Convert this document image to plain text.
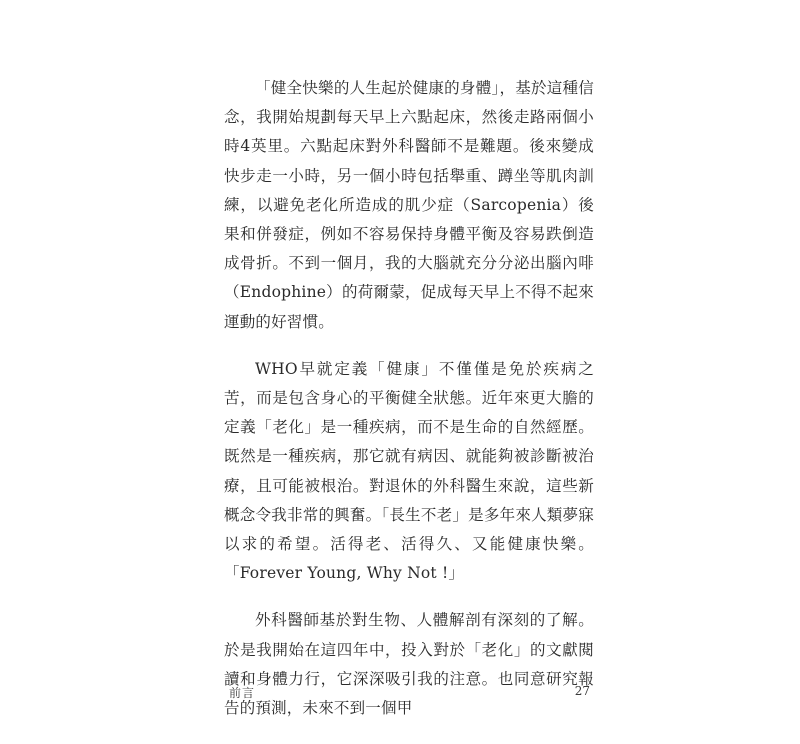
「健全快樂的人生起於健康的身體」，基於這種信念，我開始規劃每天早上六點起床，然後走路兩個小時4英里。六點起床對外科醫師不是難題。後來變成快步走一小時，另一個小時包括舉重、蹲坐等肌肉訓練，以避免老化所造成的肌少症（Sarcopenia）後果和併發症，例如不容易保持身體平衡及容易跌倒造成骨折。不到一個月，我的大腦就充分分泌出腦內啡（Endophine）的荷爾蒙，促成每天早上不得不起來運動的好習慣。

WHO早就定義「健康」不僅僅是免於疾病之苦，而是包含身心的平衡健全狀態。近年來更大膽的定義「老化」是一種疾病，而不是生命的自然經歷。既然是一種疾病，那它就有病因、就能夠被診斷被治療，且可能被根治。對退休的外科醫生來說，這些新概念令我非常的興奮。「長生不老」是多年來人類夢寐以求的希望。活得老、活得久、又能健康快樂。「Forever Young, Why Not !」

外科醫師基於對生物、人體解剖有深刻的了解。於是我開始在這四年中，投入對於「老化」的文獻閱讀和身體力行，它深深吸引我的注意。也同意研究報告的預測，未來不到一個甲

前言	27
